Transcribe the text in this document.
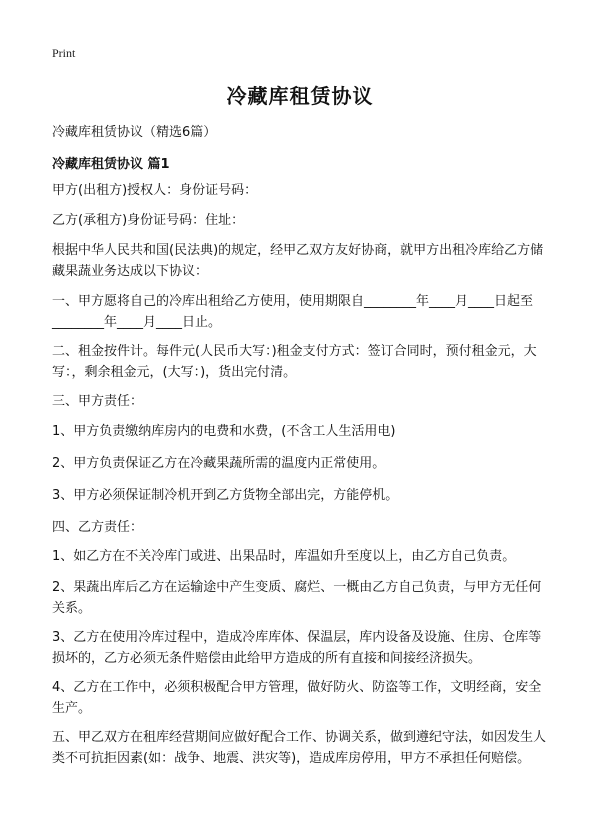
Print
冷藏库租赁协议
冷藏库租赁协议（精选6篇）
冷藏库租赁协议 篇1

甲方(出租方)授权人：身份证号码：

乙方(承租方)身份证号码：住址：

根据中华人民共和国(民法典)的规定，经甲乙双方友好协商，就甲方出租冷库给乙方储藏果蔬业务达成以下协议：

一、甲方愿将自己的冷库出租给乙方使用，使用期限自________年____月____日起至________年____月____日止。

二、租金按件计。每件元(人民币大写：)租金支付方式：签订合同时，预付租金元，大写：，剩余租金元，(大写：)，货出完付清。

三、甲方责任：

1、甲方负责缴纳库房内的电费和水费，(不含工人生活用电)

2、甲方负责保证乙方在冷藏果蔬所需的温度内正常使用。

3、甲方必须保证制冷机开到乙方货物全部出完，方能停机。

四、乙方责任：

1、如乙方在不关冷库门或进、出果品时，库温如升至度以上，由乙方自己负责。

2、果蔬出库后乙方在运输途中产生变质、腐烂、一概由乙方自己负责，与甲方无任何关系。

3、乙方在使用冷库过程中，造成冷库库体、保温层，库内设备及设施、住房、仓库等损坏的，乙方必须无条件赔偿由此给甲方造成的所有直接和间接经济损失。

4、乙方在工作中，必须积极配合甲方管理，做好防火、防盗等工作，文明经商，安全生产。

五、甲乙双方在租库经营期间应做好配合工作、协调关系，做到遵纪守法，如因发生人类不可抗拒因素(如：战争、地震、洪灾等)，造成库房停用，甲方不承担任何赔偿。
